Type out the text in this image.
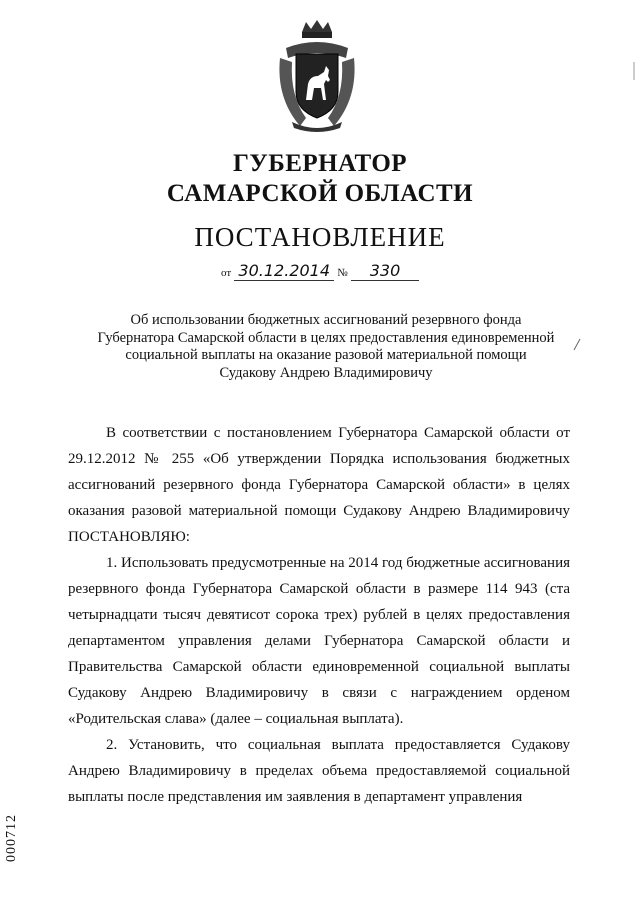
ГУБЕРНАТОР
САМАРСКОЙ ОБЛАСТИ
ПОСТАНОВЛЕНИЕ
от 30.12.2014 № 330
Об использовании бюджетных ассигнований резервного фонда
Губернатора Самарской области в целях предоставления единовременной
социальной выплаты на оказание разовой материальной помощи
Судакову Андрею Владимировичу

В соответствии с постановлением Губернатора Самарской области от 29.12.2012 № 255 «Об утверждении Порядка использования бюджетных ассигнований резервного фонда Губернатора Самарской области» в целях оказания разовой материальной помощи Судакову Андрею Владимировичу ПОСТАНОВЛЯЮ:

1. Использовать предусмотренные на 2014 год бюджетные ассигнования резервного фонда Губернатора Самарской области в размере 114 943 (ста четырнадцати тысяч девятисот сорока трех) рублей в целях предоставления департаментом управления делами Губернатора Самарской области и Правительства Самарской области единовременной социальной выплаты Судакову Андрею Владимировичу в связи с награждением орденом «Родительская слава» (далее – социальная выплата).

2. Установить, что социальная выплата предоставляется Судакову Андрею Владимировичу в пределах объема предоставляемой социальной выплаты после представления им заявления в департамент управления

000712
